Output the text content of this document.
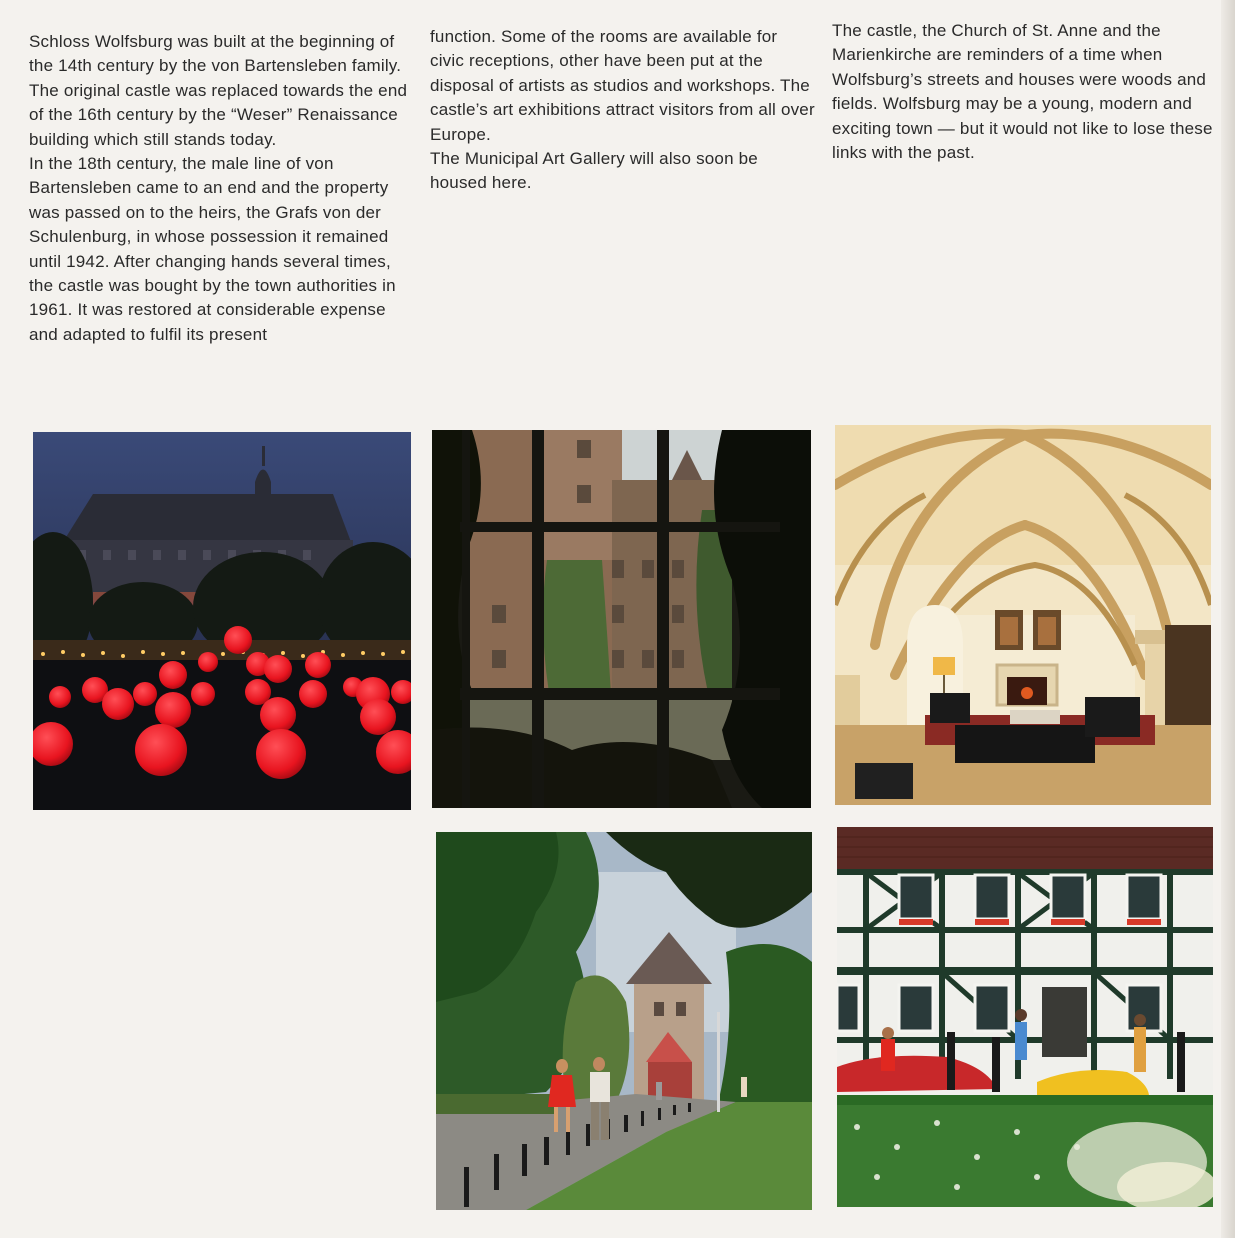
Schloss Wolfsburg was built at the beginning of the 14th century by the von Bartensleben family. The original castle was replaced towards the end of the 16th century by the “Weser” Renaissance building which still stands today.

In the 18th century, the male line of von Bartensleben came to an end and the property was passed on to the heirs, the Grafs von der Schulenburg, in whose possession it remained until 1942. After changing hands several times, the castle was bought by the town authorities in 1961. It was restored at considerable expense and adapted to fulfil its present

function. Some of the rooms are available for civic receptions, other have been put at the disposal of artists as studios and workshops. The castle’s art exhibitions attract visitors from all over Europe.

The Municipal Art Gallery will also soon be housed here.

The castle, the Church of St. Anne and the Marienkirche are reminders of a time when Wolfsburg’s streets and houses were woods and fields. Wolfsburg may be a young, modern and exciting town — but it would not like to lose these links with the past.
